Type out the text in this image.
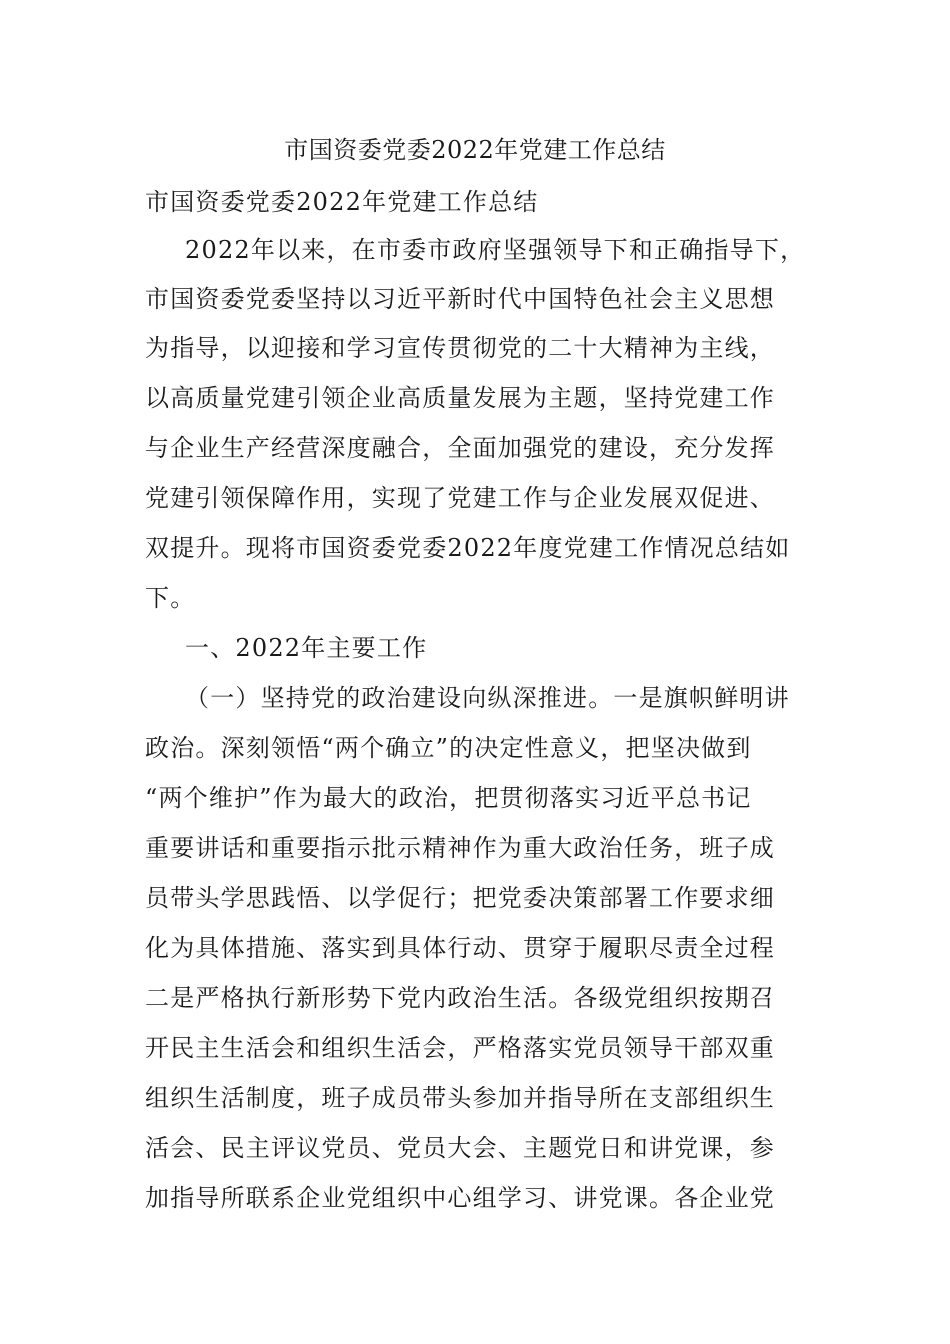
市国资委党委2022年党建工作总结
市国资委党委2022年党建工作总结
2022年以来，在市委市政府坚强领导下和正确指导下，
市国资委党委坚持以习近平新时代中国特色社会主义思想
为指导，以迎接和学习宣传贯彻党的二十大精神为主线，
以高质量党建引领企业高质量发展为主题，坚持党建工作
与企业生产经营深度融合，全面加强党的建设，充分发挥
党建引领保障作用，实现了党建工作与企业发展双促进、
双提升。现将市国资委党委2022年度党建工作情况总结如
下。
一、2022年主要工作
（一）坚持党的政治建设向纵深推进。一是旗帜鲜明讲
政治。深刻领悟“两个确立”的决定性意义，把坚决做到
“两个维护”作为最大的政治，把贯彻落实习近平总书记
重要讲话和重要指示批示精神作为重大政治任务，班子成
员带头学思践悟、以学促行；把党委决策部署工作要求细
化为具体措施、落实到具体行动、贯穿于履职尽责全过程
二是严格执行新形势下党内政治生活。各级党组织按期召
开民主生活会和组织生活会，严格落实党员领导干部双重
组织生活制度，班子成员带头参加并指导所在支部组织生
活会、民主评议党员、党员大会、主题党日和讲党课，参
加指导所联系企业党组织中心组学习、讲党课。各企业党
